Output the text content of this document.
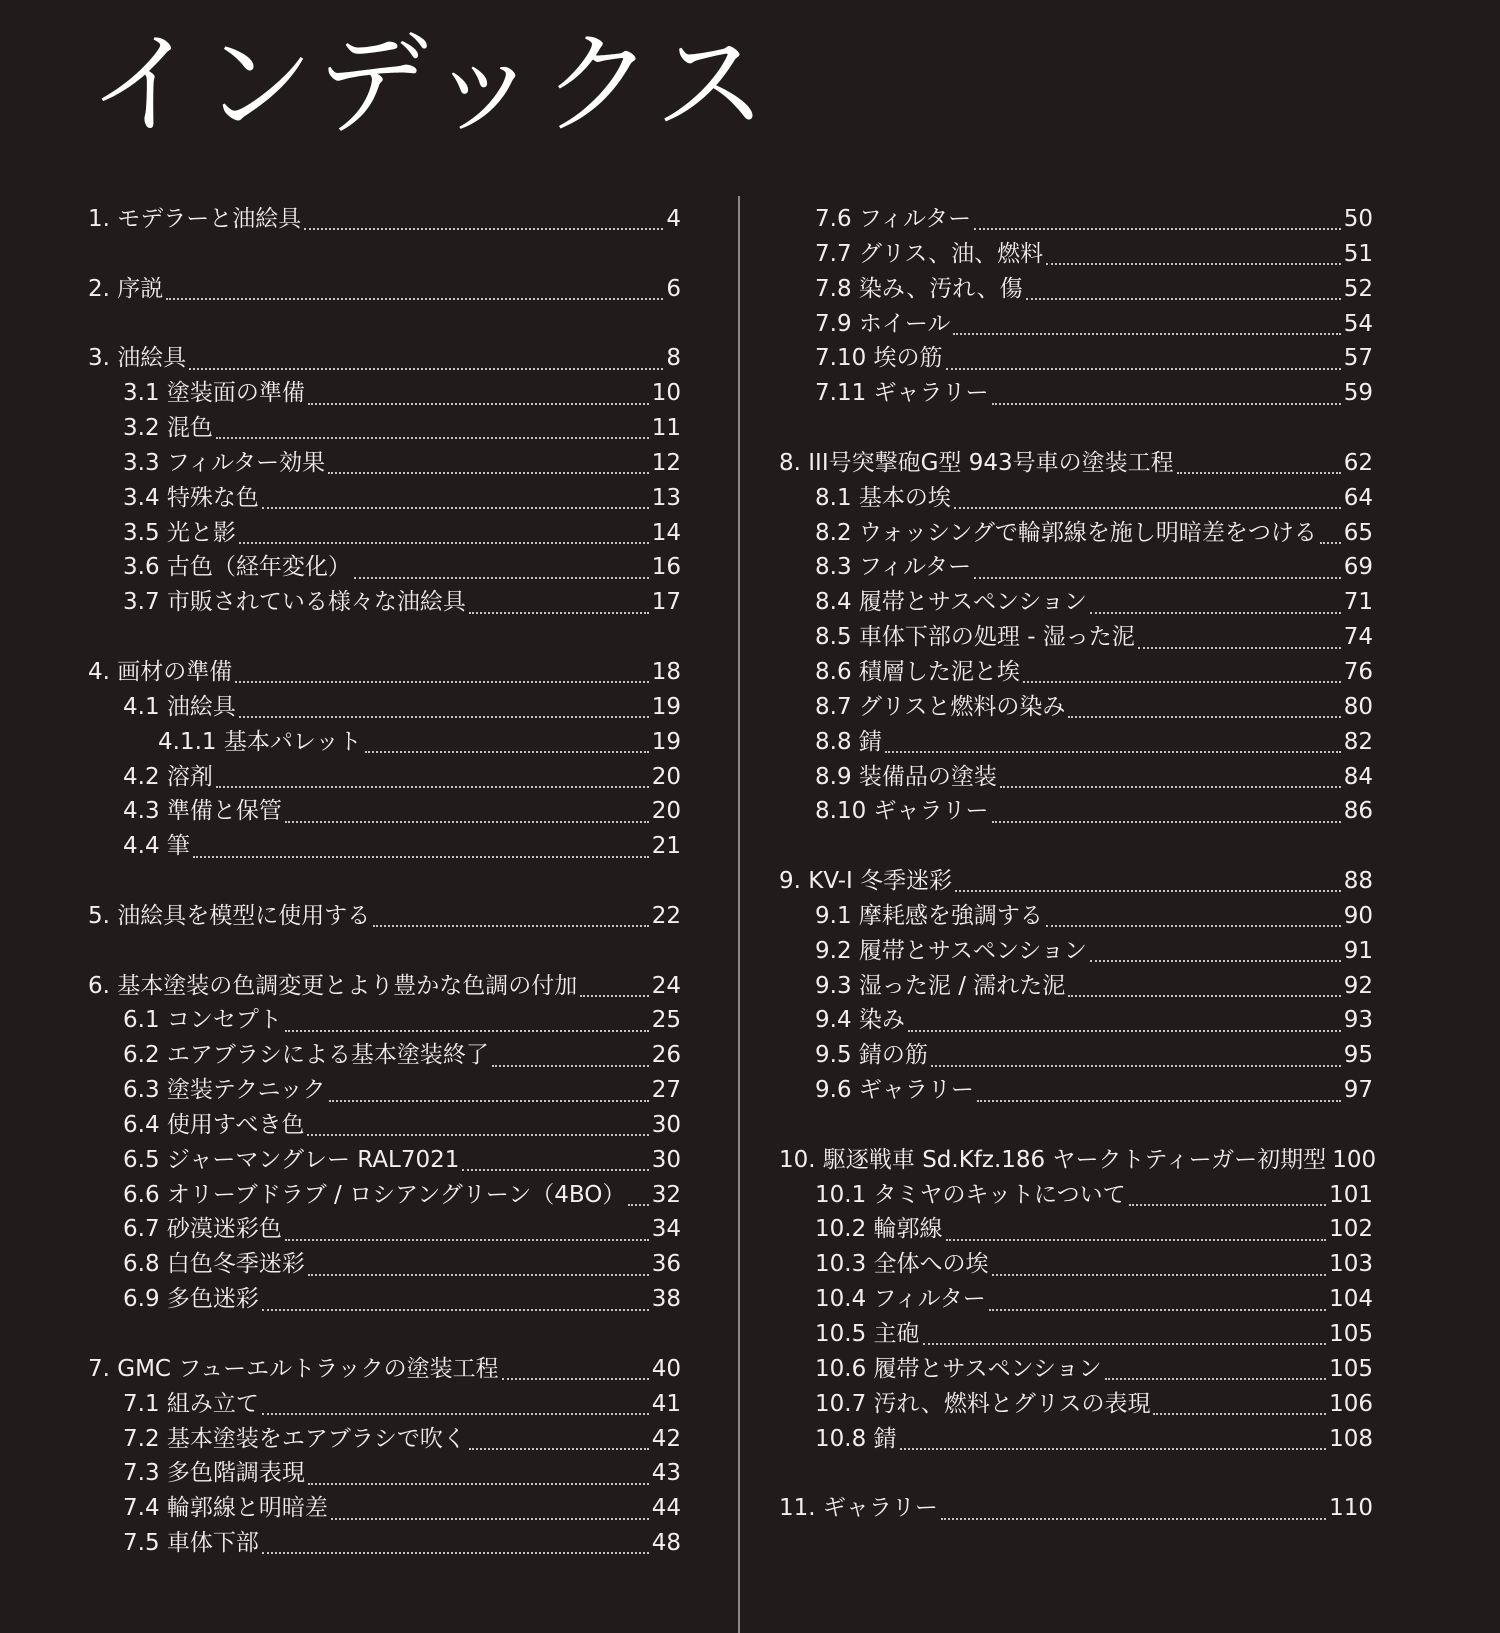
インデックス
1. モデラーと油絵具	4
2. 序説	6
3. 油絵具	8
3.1 塗装面の準備	10
3.2 混色	11
3.3 フィルター効果	12
3.4 特殊な色	13
3.5 光と影	14
3.6 古色（経年変化）	16
3.7 市販されている様々な油絵具	17
4. 画材の準備	18
4.1 油絵具	19
4.1.1 基本パレット	19
4.2 溶剤	20
4.3 準備と保管	20
4.4 筆	21
5. 油絵具を模型に使用する	22
6. 基本塗装の色調変更とより豊かな色調の付加	24
6.1 コンセプト	25
6.2 エアブラシによる基本塗装終了	26
6.3 塗装テクニック	27
6.4 使用すべき色	30
6.5 ジャーマングレー RAL7021	30
6.6 オリーブドラブ / ロシアングリーン（4BO） 32
6.7 砂漠迷彩色	34
6.8 白色冬季迷彩	36
6.9 多色迷彩	38
7. GMC フューエルトラックの塗装工程	40
7.1 組み立て	41
7.2 基本塗装をエアブラシで吹く	42
7.3 多色階調表現	43
7.4 輪郭線と明暗差	44
7.5 車体下部	48
7.6 フィルター	50
7.7 グリス、油、燃料	51
7.8 染み、汚れ、傷	52
7.9 ホイール	54
7.10 埃の筋	57
7.11 ギャラリー	59
8. III号突撃砲G型 943号車の塗装工程	62
8.1 基本の埃	64
8.2 ウォッシングで輪郭線を施し明暗差をつける 65
8.3 フィルター	69
8.4 履帯とサスペンション	71
8.5 車体下部の処理 - 湿った泥	74
8.6 積層した泥と埃	76
8.7 グリスと燃料の染み	80
8.8 錆	82
8.9 装備品の塗装	84
8.10 ギャラリー	86
9. KV-I 冬季迷彩	88
9.1 摩耗感を強調する	90
9.2 履帯とサスペンション	91
9.3 湿った泥 / 濡れた泥	92
9.4 染み	93
9.5 錆の筋	95
9.6 ギャラリー	97
10. 駆逐戦車 Sd.Kfz.186 ヤークトティーガー初期型 100
10.1 タミヤのキットについて	101
10.2 輪郭線	102
10.3 全体への埃	103
10.4 フィルター	104
10.5 主砲	105
10.6 履帯とサスペンション	105
10.7 汚れ、燃料とグリスの表現	106
10.8 錆	108
11. ギャラリー	110
